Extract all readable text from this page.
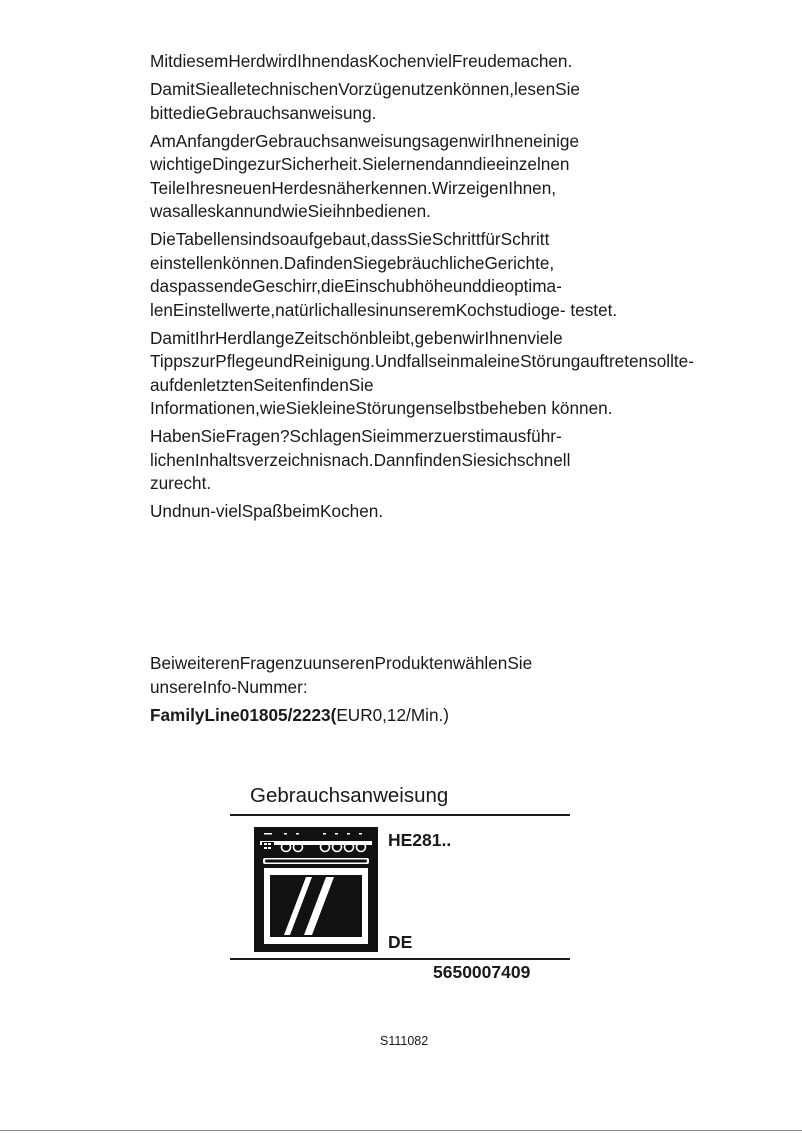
MitdiesemHerdwirdIhnendasKochenvielFreudemachen.

DamitSiealletechnischenVorzügenutzenkönnen,lesenSie bittedieGebrauchsanweisung.

AmAnfangderGebrauchsanweisungsagenwirIhneneinige wichtigeDingezurSicherheit.Sielernendanndieeinzelnen TeileIhresneuenHerdesnäherkennen.WirzeigenIhnen, wasalleskannundwieSieihnbedienen.

DieTabellensindsoaufgebaut,dassSieSchrittfürSchritt einstellenkönnen.DafindenSiegebräuchlicheGerichte, daspassendeGeschirr,dieEinschubhöheunddieoptima- lenEinstellwerte,natürlichallesinunseremKochstudioge- testet.

DamitIhrHerdlangeZeitschönbleibt,gebenwirIhnenviele TippszurPflegeundReinigung.UndfallseinmaleineStörungauftretensollte-aufdenletztenSeitenfindenSie Informationen,wieSiekleineStörungenselbstbeheben können.

HabenSieFragen?SchlagenSieimmerzuerstimausführ- lichenInhaltsverzeichnisnach.DannfindenSiesichschnell zurecht.

Undnun-vielSpaßbeimKochen.

BeiweiterenFragenzuunserenProduktenwählenSie unsereInfo-Nummer:

FamilyLine01805/2223(EUR0,12/Min.)

Gebrauchsanweisung
HE281..
DE
5650007409
S111082
